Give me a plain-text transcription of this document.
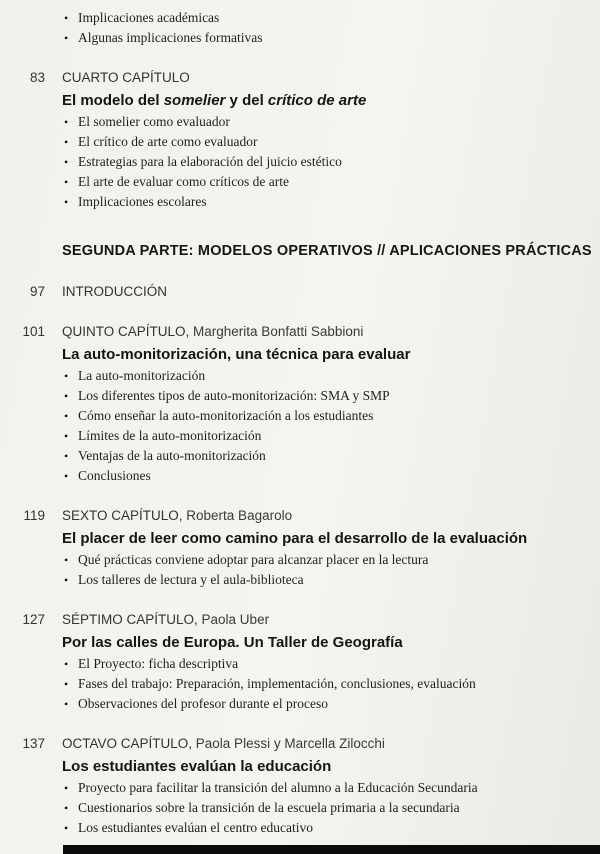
•
Implicaciones académicas
•
Algunas implicaciones formativas
83	CUARTO CAPÍTULO
El modelo del somelier y del crítico de arte
•
El somelier como evaluador
•
El crítico de arte como evaluador
•
Estrategias para la elaboración del juicio estético
•
El arte de evaluar como críticos de arte
•
Implicaciones escolares
SEGUNDA PARTE: MODELOS OPERATIVOS // APLICACIONES PRÁCTICAS
97	INTRODUCCIÓN
101	QUINTO CAPÍTULO, Margherita Bonfatti Sabbioni
La auto-monitorización, una técnica para evaluar
•
La auto-monitorización
•
Los diferentes tipos de auto-monitorización: SMA y SMP
•
Cómo enseñar la auto-monitorización a los estudiantes
•
Límites de la auto-monitorización
•
Ventajas de la auto-monitorización
•
Conclusiones
119	SEXTO CAPÍTULO, Roberta Bagarolo
El placer de leer como camino para el desarrollo de la evaluación
•
Qué prácticas conviene adoptar para alcanzar placer en la lectura
•
Los talleres de lectura y el aula-biblioteca
127	SÉPTIMO CAPÍTULO, Paola Uber
Por las calles de Europa. Un Taller de Geografía
•
El Proyecto: ficha descriptiva
•
Fases del trabajo: Preparación, implementación, conclusiones, evaluación
•
Observaciones del profesor durante el proceso
137	OCTAVO CAPÍTULO, Paola Plessi y Marcella Zilocchi
Los estudiantes evalúan la educación
•
Proyecto para facilitar la transición del alumno a la Educación Secundaria
•
Cuestionarios sobre la transición de la escuela primaria a la secundaria
•
Los estudiantes evalúan el centro educativo
